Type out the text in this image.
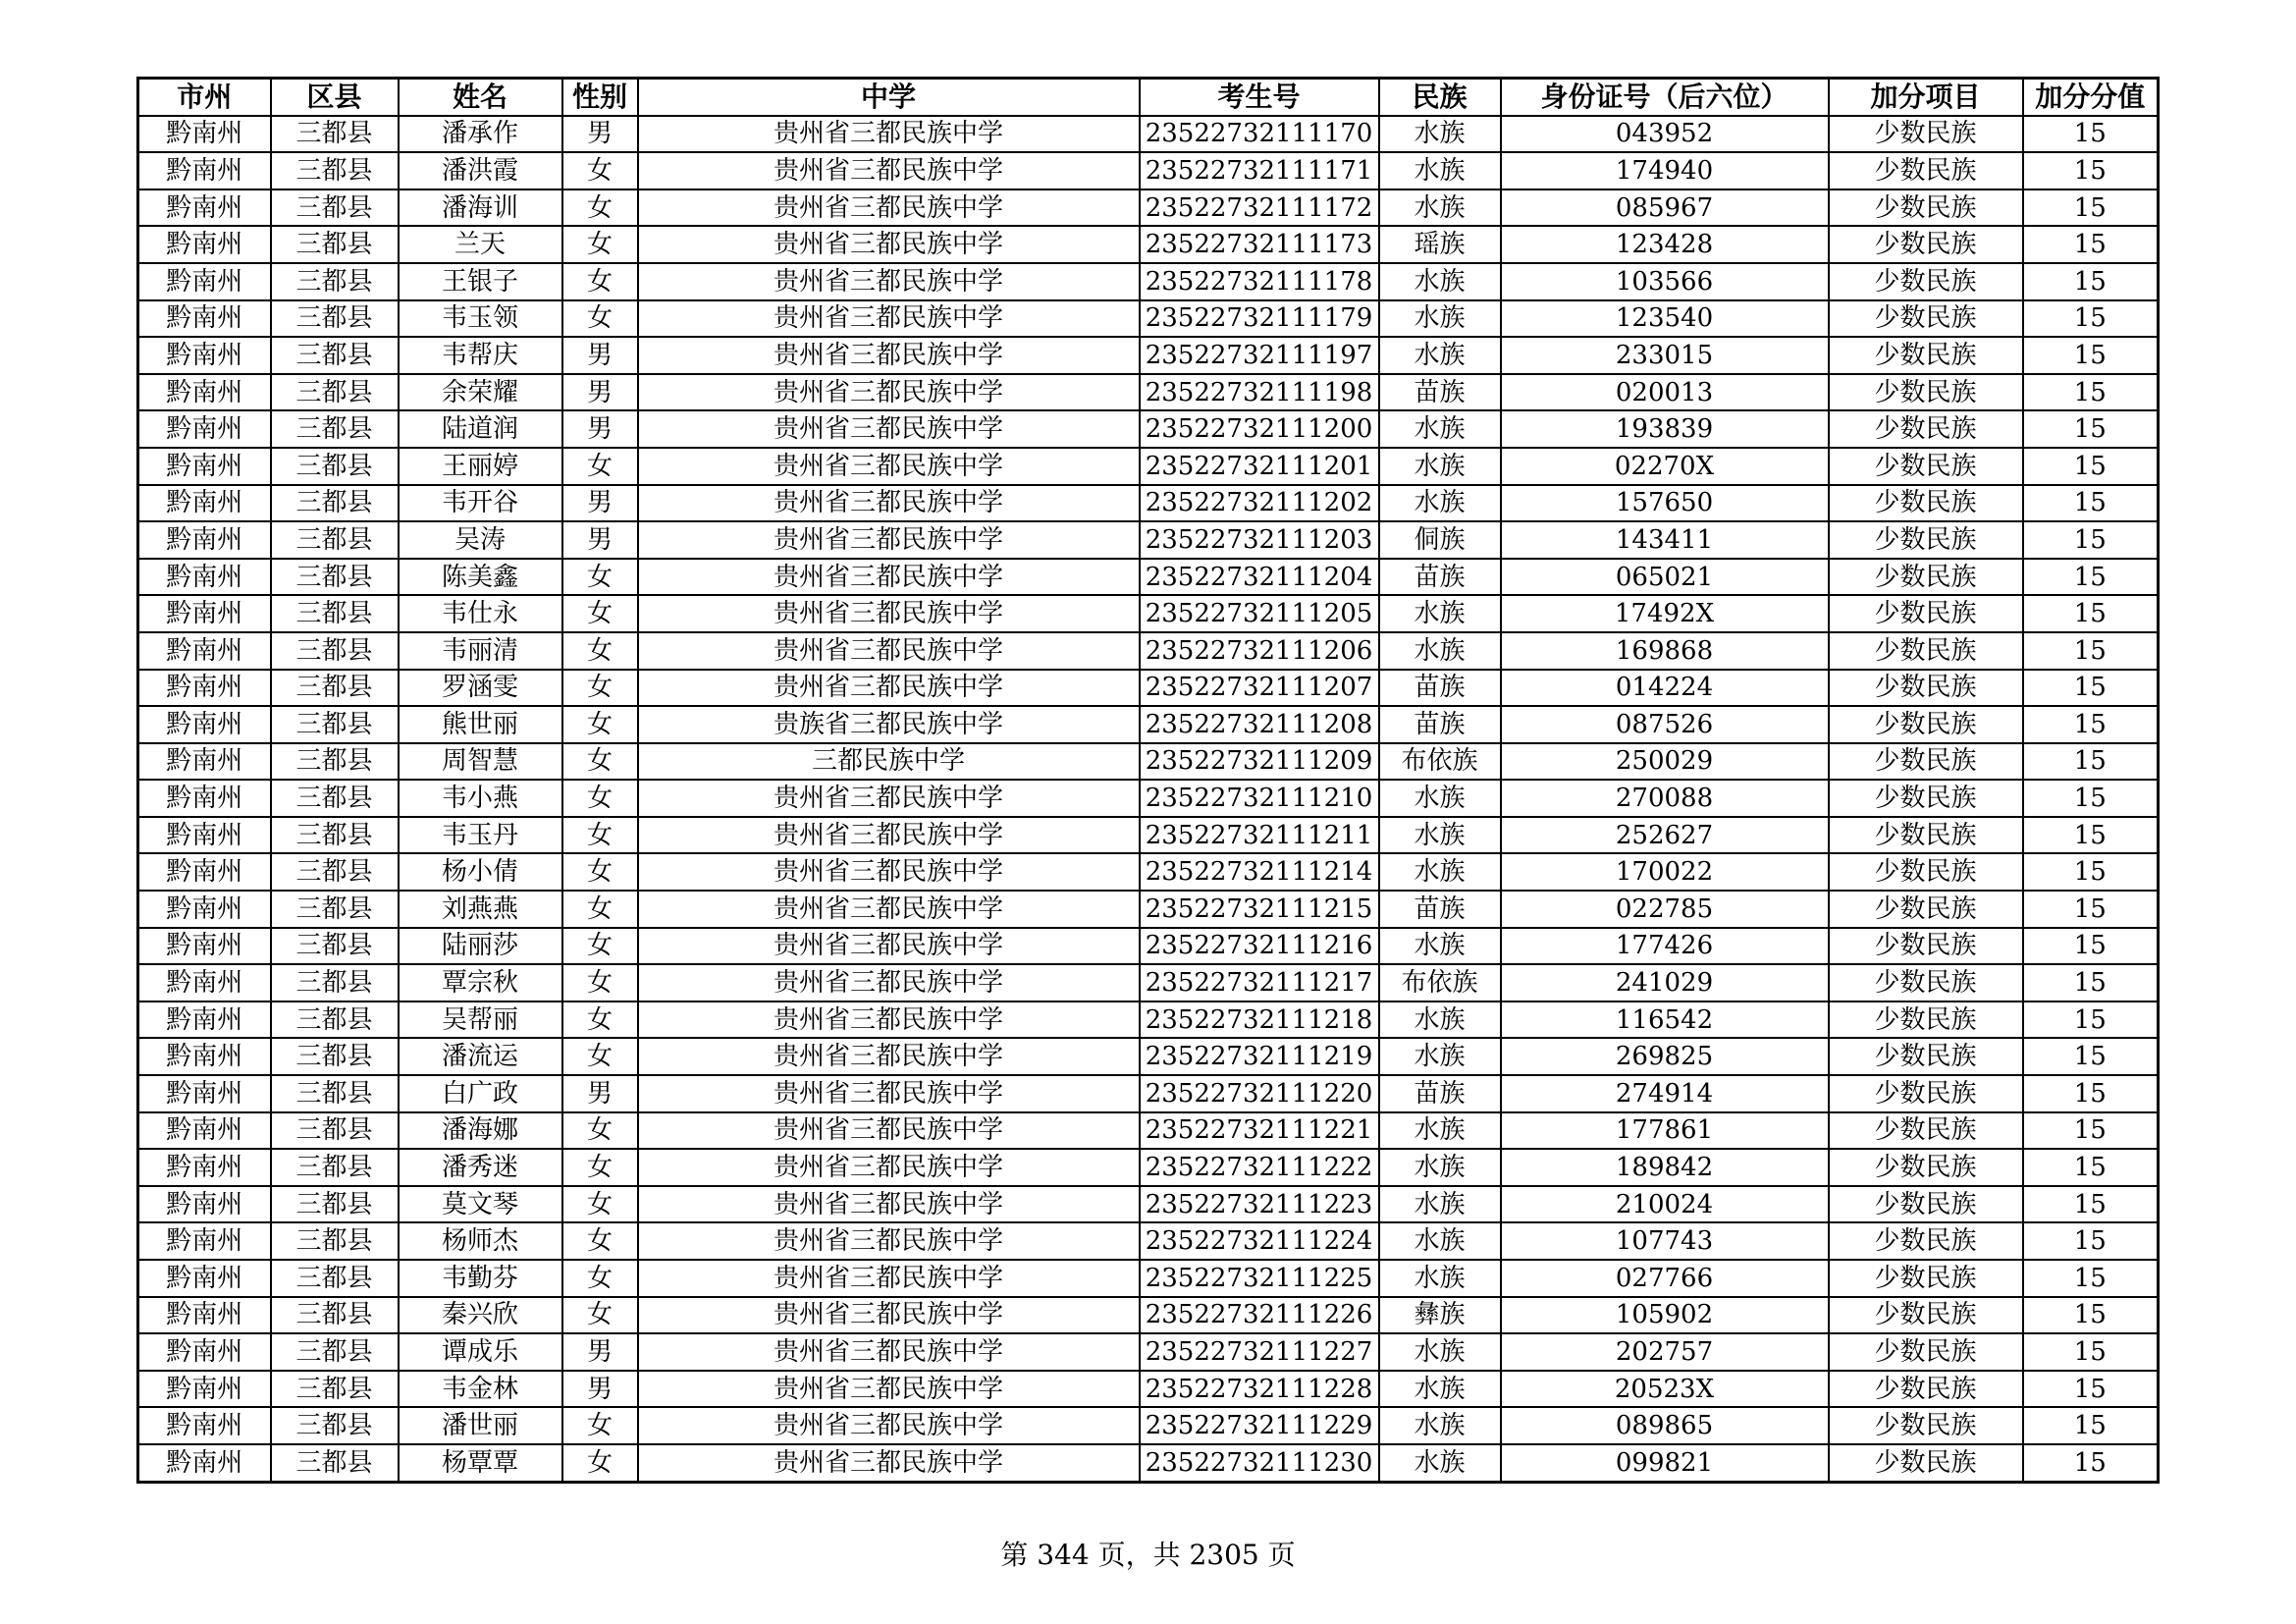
市州	区县	姓名	性别	中学	考生号	民族	身份证号（后六位）	加分项目	加分分值
黔南州	三都县	潘承作	男	贵州省三都民族中学	23522732111170	水族	043952	少数民族	15
黔南州	三都县	潘洪霞	女	贵州省三都民族中学	23522732111171	水族	174940	少数民族	15
黔南州	三都县	潘海训	女	贵州省三都民族中学	23522732111172	水族	085967	少数民族	15
黔南州	三都县	兰天	女	贵州省三都民族中学	23522732111173	瑶族	123428	少数民族	15
黔南州	三都县	王银子	女	贵州省三都民族中学	23522732111178	水族	103566	少数民族	15
黔南州	三都县	韦玉领	女	贵州省三都民族中学	23522732111179	水族	123540	少数民族	15
黔南州	三都县	韦帮庆	男	贵州省三都民族中学	23522732111197	水族	233015	少数民族	15
黔南州	三都县	余荣耀	男	贵州省三都民族中学	23522732111198	苗族	020013	少数民族	15
黔南州	三都县	陆道润	男	贵州省三都民族中学	23522732111200	水族	193839	少数民族	15
黔南州	三都县	王丽婷	女	贵州省三都民族中学	23522732111201	水族	02270X	少数民族	15
黔南州	三都县	韦开谷	男	贵州省三都民族中学	23522732111202	水族	157650	少数民族	15
黔南州	三都县	吴涛	男	贵州省三都民族中学	23522732111203	侗族	143411	少数民族	15
黔南州	三都县	陈美鑫	女	贵州省三都民族中学	23522732111204	苗族	065021	少数民族	15
黔南州	三都县	韦仕永	女	贵州省三都民族中学	23522732111205	水族	17492X	少数民族	15
黔南州	三都县	韦丽清	女	贵州省三都民族中学	23522732111206	水族	169868	少数民族	15
黔南州	三都县	罗涵雯	女	贵州省三都民族中学	23522732111207	苗族	014224	少数民族	15
黔南州	三都县	熊世丽	女	贵族省三都民族中学	23522732111208	苗族	087526	少数民族	15
黔南州	三都县	周智慧	女	三都民族中学	23522732111209	布依族	250029	少数民族	15
黔南州	三都县	韦小燕	女	贵州省三都民族中学	23522732111210	水族	270088	少数民族	15
黔南州	三都县	韦玉丹	女	贵州省三都民族中学	23522732111211	水族	252627	少数民族	15
黔南州	三都县	杨小倩	女	贵州省三都民族中学	23522732111214	水族	170022	少数民族	15
黔南州	三都县	刘燕燕	女	贵州省三都民族中学	23522732111215	苗族	022785	少数民族	15
黔南州	三都县	陆丽莎	女	贵州省三都民族中学	23522732111216	水族	177426	少数民族	15
黔南州	三都县	覃宗秋	女	贵州省三都民族中学	23522732111217	布依族	241029	少数民族	15
黔南州	三都县	吴帮丽	女	贵州省三都民族中学	23522732111218	水族	116542	少数民族	15
黔南州	三都县	潘流运	女	贵州省三都民族中学	23522732111219	水族	269825	少数民族	15
黔南州	三都县	白广政	男	贵州省三都民族中学	23522732111220	苗族	274914	少数民族	15
黔南州	三都县	潘海娜	女	贵州省三都民族中学	23522732111221	水族	177861	少数民族	15
黔南州	三都县	潘秀迷	女	贵州省三都民族中学	23522732111222	水族	189842	少数民族	15
黔南州	三都县	莫文琴	女	贵州省三都民族中学	23522732111223	水族	210024	少数民族	15
黔南州	三都县	杨师杰	女	贵州省三都民族中学	23522732111224	水族	107743	少数民族	15
黔南州	三都县	韦勤芬	女	贵州省三都民族中学	23522732111225	水族	027766	少数民族	15
黔南州	三都县	秦兴欣	女	贵州省三都民族中学	23522732111226	彝族	105902	少数民族	15
黔南州	三都县	谭成乐	男	贵州省三都民族中学	23522732111227	水族	202757	少数民族	15
黔南州	三都县	韦金林	男	贵州省三都民族中学	23522732111228	水族	20523X	少数民族	15
黔南州	三都县	潘世丽	女	贵州省三都民族中学	23522732111229	水族	089865	少数民族	15
黔南州	三都县	杨覃覃	女	贵州省三都民族中学	23522732111230	水族	099821	少数民族	15
第 344 页，共 2305 页
